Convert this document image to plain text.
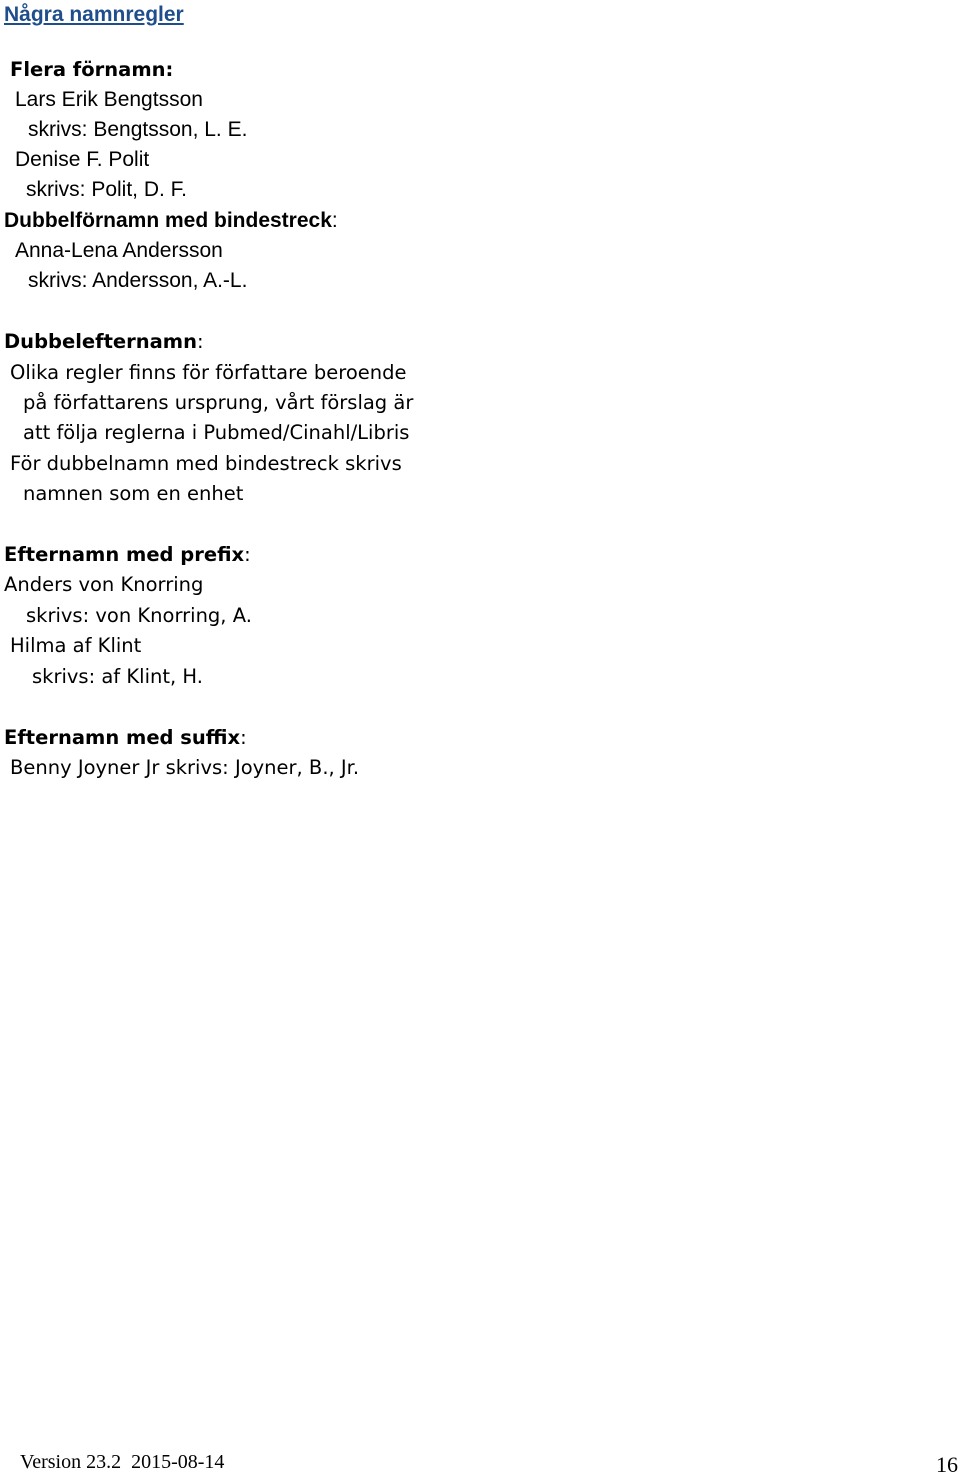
Några namnregler
Flera förnamn:
Lars Erik Bengtsson
skrivs: Bengtsson, L. E.
Denise F. Polit
skrivs: Polit, D. F.
Dubbelförnamn med bindestreck:
Anna-Lena Andersson
skrivs: Andersson, A.-L.
Dubbelefternamn:
Olika regler finns för författare beroende
på författarens ursprung, vårt förslag är
att följa reglerna i Pubmed/Cinahl/Libris
För dubbelnamn med bindestreck skrivs
namnen som en enhet
Efternamn med prefix:
Anders von Knorring
skrivs: von Knorring, A.
Hilma af Klint
skrivs: af Klint, H.
Efternamn med suffix:
Benny Joyner Jr skrivs: Joyner, B., Jr.
Version 23.2  2015-08-14	16
